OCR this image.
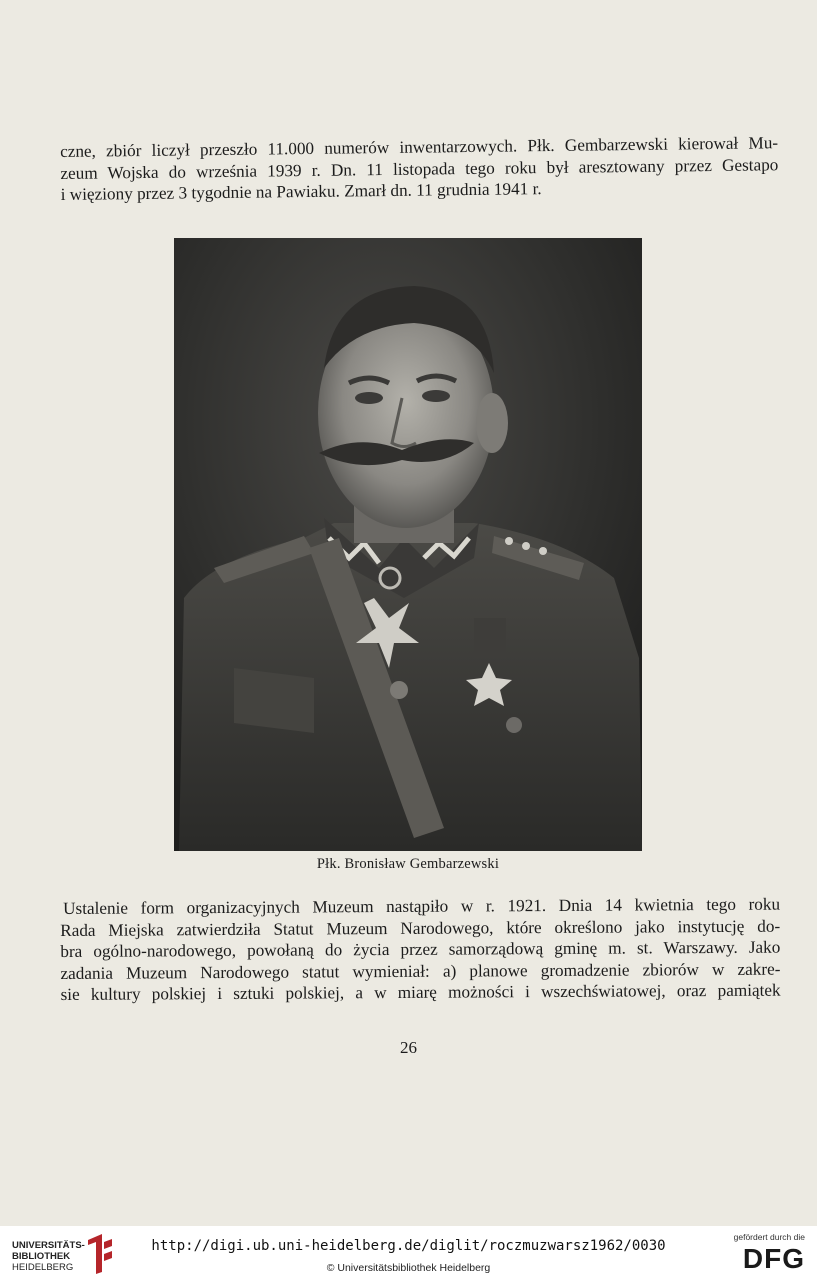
czne, zbiór liczył przeszło 11.000 numerów inwentarzowych. Płk. Gembarzewski kierował Mu-
zeum Wojska do września 1939 r. Dn. 11 listopada tego roku był aresztowany przez Gestapo
i więziony przez 3 tygodnie na Pawiaku. Zmarł dn. 11 grudnia 1941 r.
Płk. Bronisław Gembarzewski
Ustalenie form organizacyjnych Muzeum nastąpiło w r. 1921. Dnia 14 kwietnia tego roku
Rada Miejska zatwierdziła Statut Muzeum Narodowego, które określono jako instytucję do-
bra ogólno-narodowego, powołaną do życia przez samorządową gminę m. st. Warszawy. Jako
zadania Muzeum Narodowego statut wymieniał: a) planowe gromadzenie zbiorów w zakre-
sie kultury polskiej i sztuki polskiej, a w miarę możności i wszechświatowej, oraz pamiątek
26
UNIVERSITÄTS-
BIBLIOTHEK
HEIDELBERG
http://digi.ub.uni-heidelberg.de/diglit/roczmuzwarsz1962/0030
© Universitätsbibliothek Heidelberg
gefördert durch die
DFG
